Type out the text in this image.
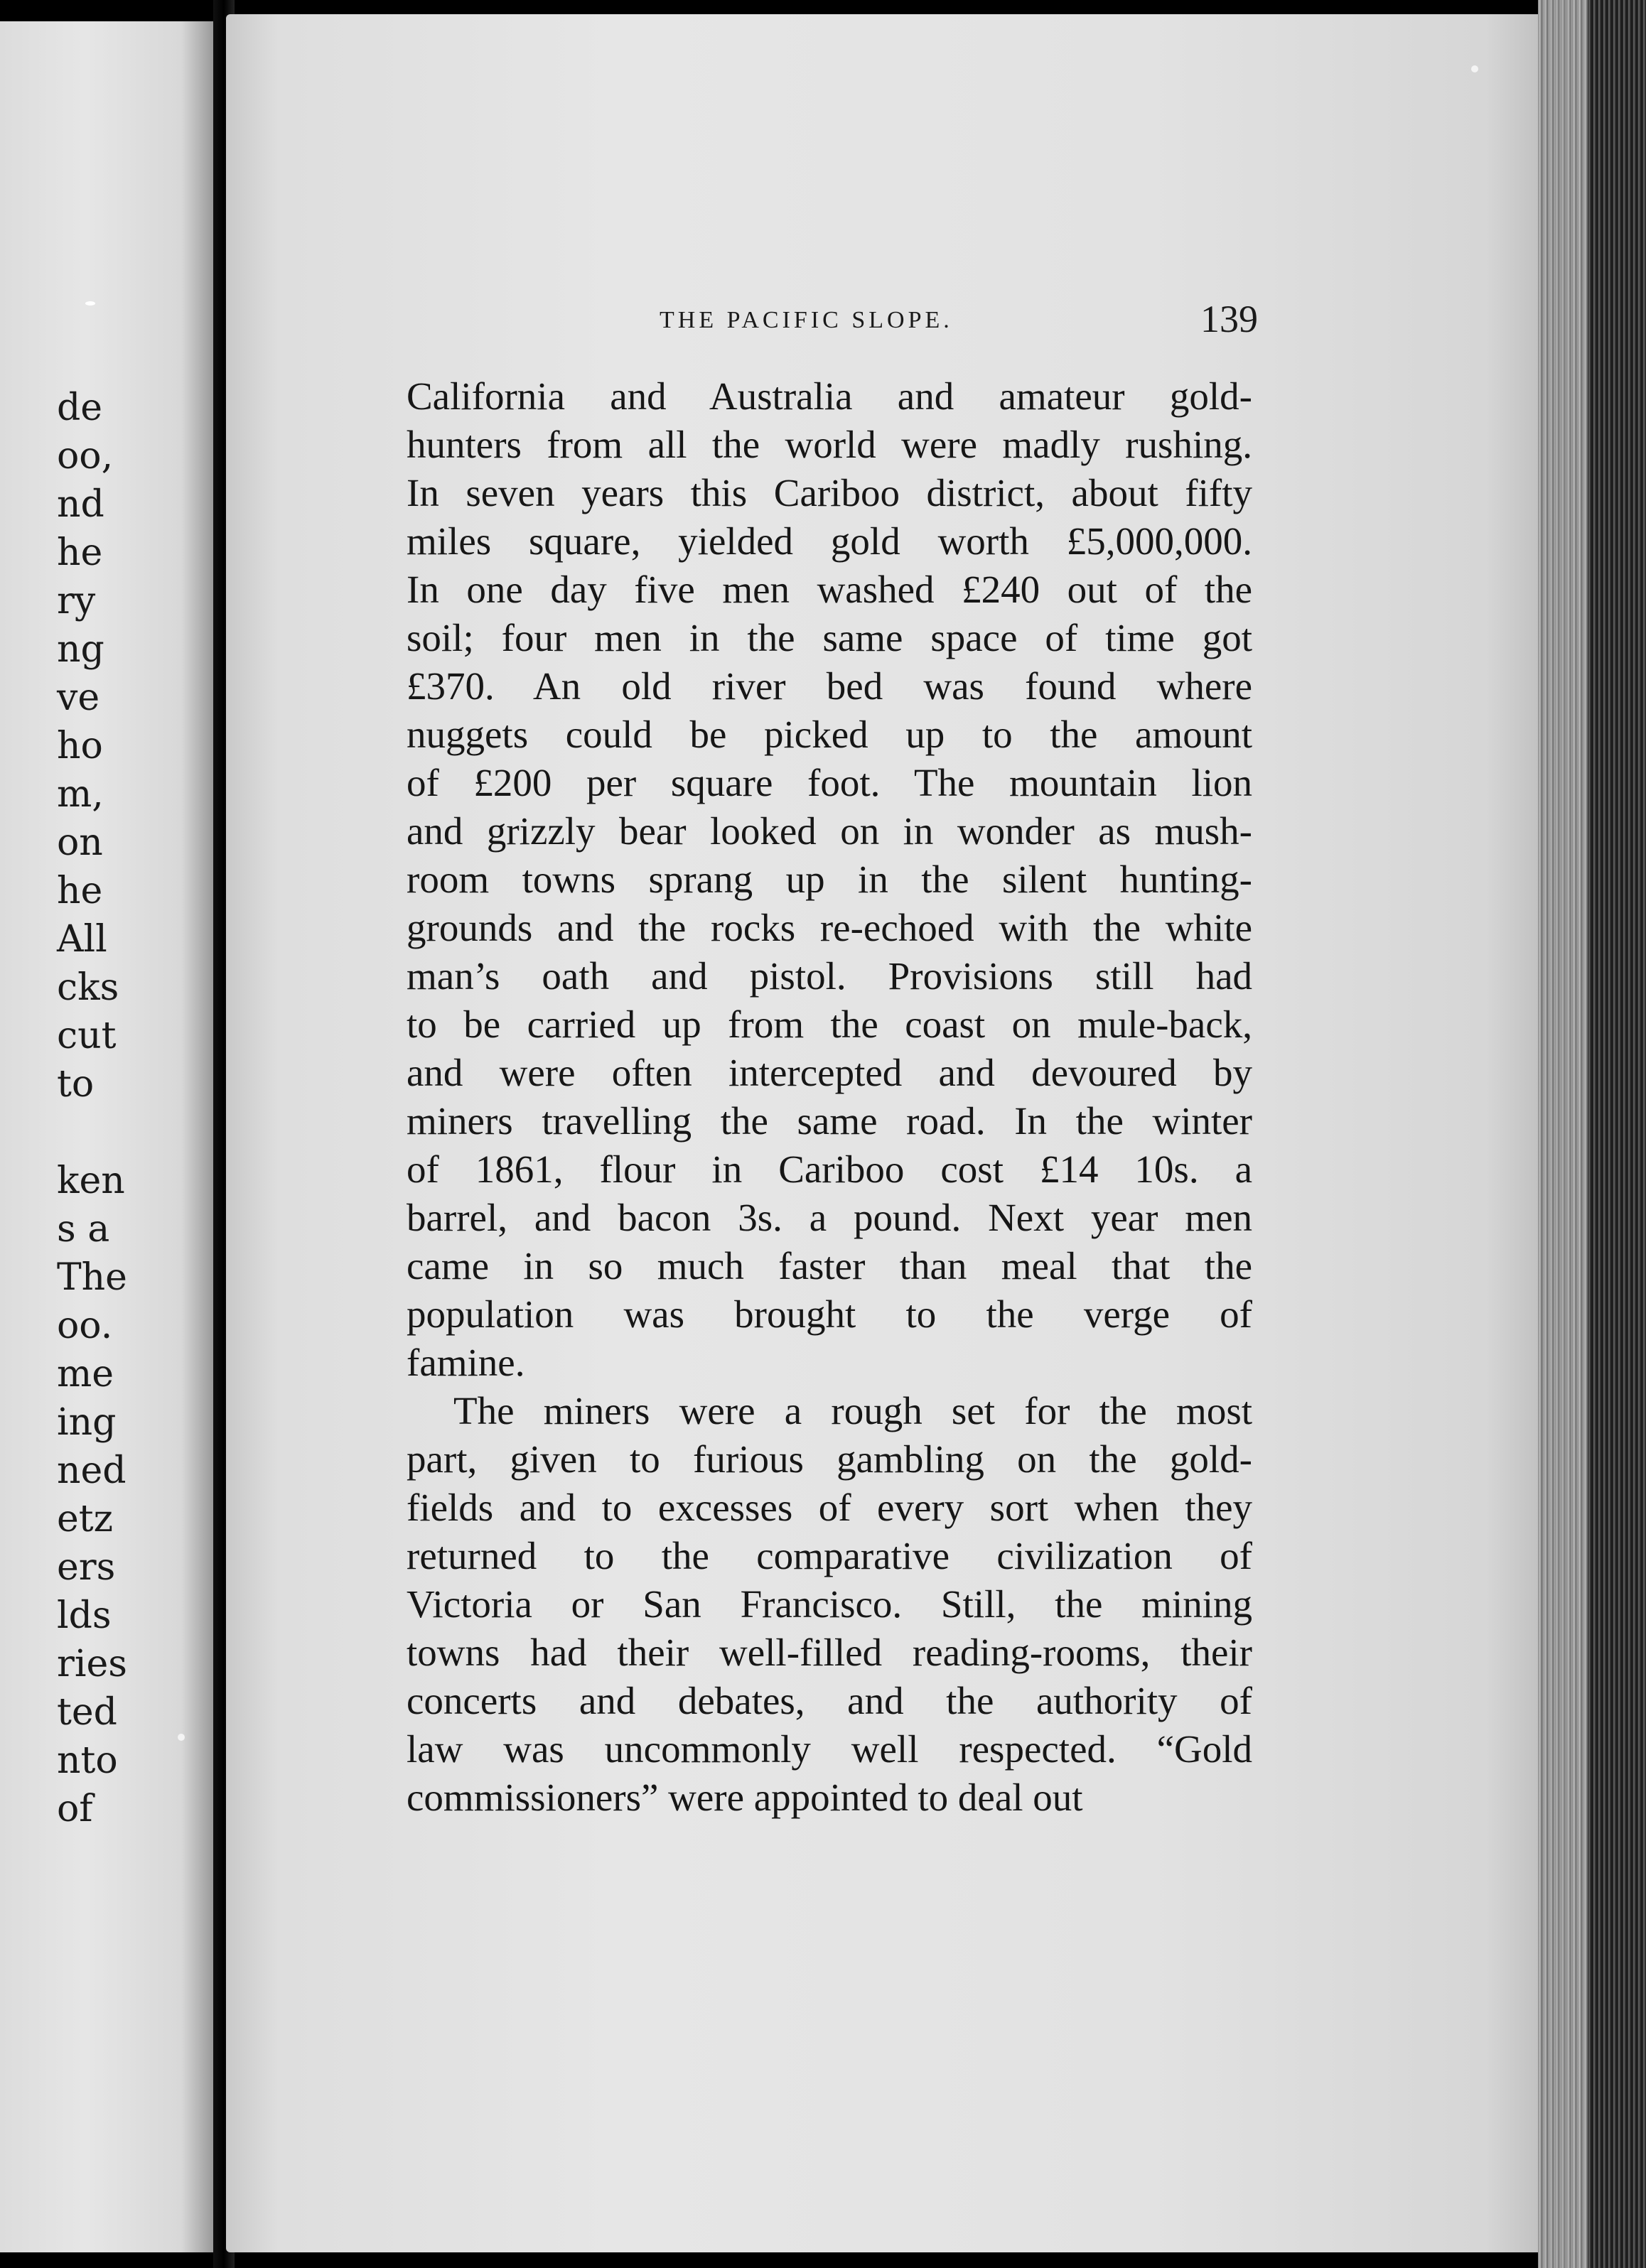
de
oo,
nd
he
ry
ng
ve
ho
m,
on
he
All
cks
cut
to
ken
s a
The
oo.
me
ing
ned
etz
ers
lds
ries
ted
nto
of
THE PACIFIC SLOPE.	139
California and Australia and amateur gold-
hunters from all the world were madly rushing.
In seven years this Cariboo district, about fifty
miles square, yielded gold worth £5,000,000.
In one day five men washed £240 out of the
soil; four men in the same space of time got
£370. An old river bed was found where
nuggets could be picked up to the amount
of £200 per square foot. The mountain lion
and grizzly bear looked on in wonder as mush-
room towns sprang up in the silent hunting-
grounds and the rocks re-echoed with the white
man’s oath and pistol. Provisions still had
to be carried up from the coast on mule-back,
and were often intercepted and devoured by
miners travelling the same road. In the winter
of 1861, flour in Cariboo cost £14 10s. a
barrel, and bacon 3s. a pound. Next year men
came in so much faster than meal that the
population was brought to the verge of
famine.
The miners were a rough set for the most
part, given to furious gambling on the gold-
fields and to excesses of every sort when they
returned to the comparative civilization of
Victoria or San Francisco. Still, the mining
towns had their well-filled reading-rooms, their
concerts and debates, and the authority of
law was uncommonly well respected. “Gold
commissioners” were appointed to deal out
